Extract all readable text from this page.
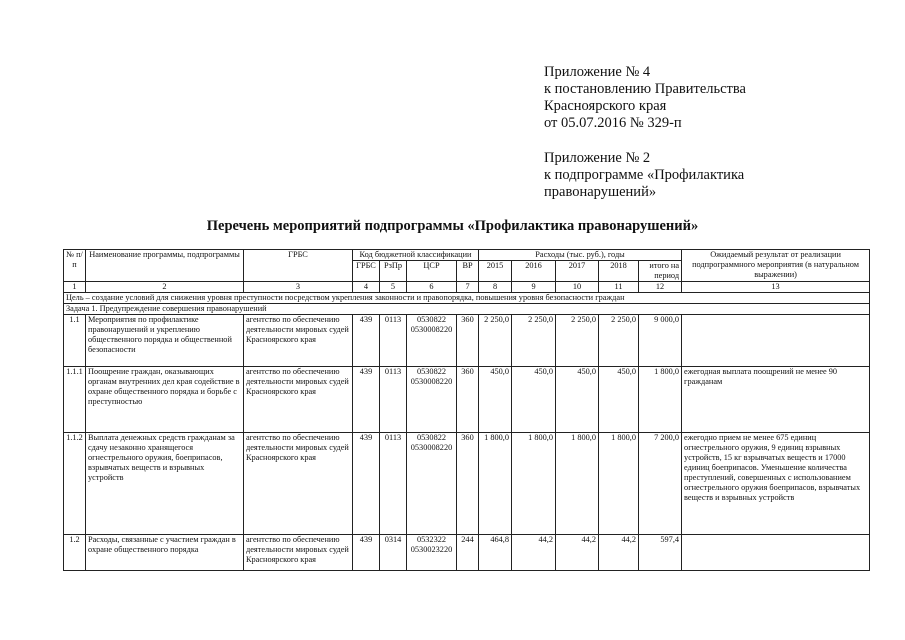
Приложение № 4
к постановлению Правительства
Красноярского края
от 05.07.2016 № 329-п
Приложение № 2
к подпрограмме «Профилактика
правонарушений»
Перечень мероприятий подпрограммы «Профилактика правонарушений»
№ п/п	Наименование программы, подпрограммы	ГРБС	Код бюджетной классификации				Расходы (тыс. руб.), годы					Ожидаемый результат от реализации подпрограммного мероприятия (в натуральном выражении)
			ГРБС	РзПр	ЦСР	ВР	2015	2016	2017	2018	итого на период	
1	2	3	4	5	6	7	8	9	10	11	12	13
Цель – создание условий для снижения уровня преступности посредством укрепления законности и правопорядка, повышения уровня безопасности граждан												
Задача 1. Предупреждение совершения правонарушений												
1.1	Мероприятия по профилактике правонарушений и укреплению общественного порядка и общественной безопасности	агентство по обеспечению деятельности мировых судей Красноярского края	439	0113	0530822 0530008220	360	2 250,0	2 250,0	2 250,0	2 250,0	9 000,0	
1.1.1	Поощрение граждан, оказывающих органам внутренних дел края содействие в охране общественного порядка и борьбе с преступностью	агентство по обеспечению деятельности мировых судей Красноярского края	439	0113	0530822 0530008220	360	450,0	450,0	450,0	450,0	1 800,0	ежегодная выплата поощрений не менее 90 гражданам
1.1.2	Выплата денежных средств гражданам за сдачу незаконно хранящегося огнестрельного оружия, боеприпасов, взрывчатых веществ и взрывных устройств	агентство по обеспечению деятельности мировых судей Красноярского края	439	0113	0530822 0530008220	360	1 800,0	1 800,0	1 800,0	1 800,0	7 200,0	ежегодно прием не менее 675 единиц огнестрельного оружия, 9 единиц взрывных устройств, 15 кг взрывчатых веществ и 17000 единиц боеприпасов. Уменьшение количества преступлений, совершенных с использованием огнестрельного оружия боеприпасов, взрывчатых веществ и взрывных устройств
1.2	Расходы, связанные с участием граждан в охране общественного порядка	агентство по обеспечению деятельности мировых судей Красноярского края	439	0314	0532322 0530023220	244	464,8	44,2	44,2	44,2	597,4	
